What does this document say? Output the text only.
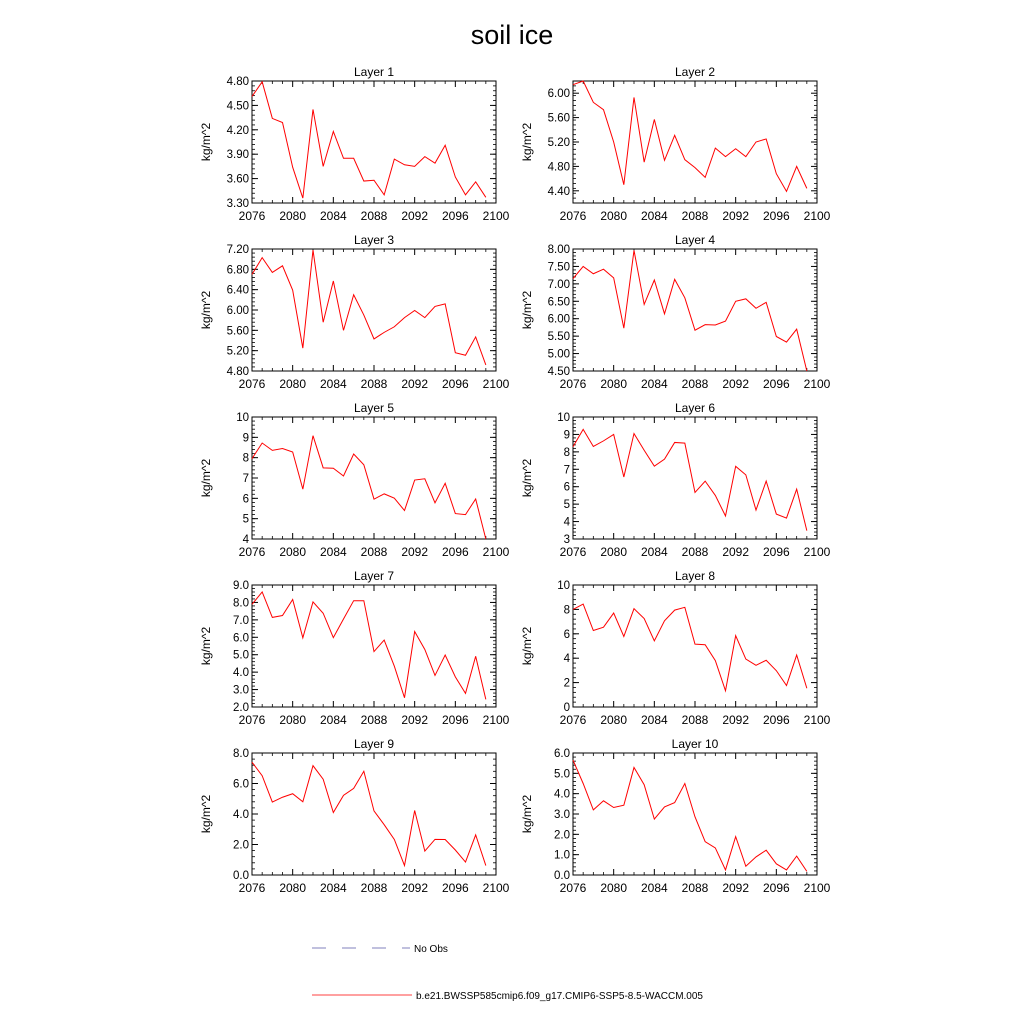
soil ice
Layer 1
kg/m^2
3.30
3.60
3.90
4.20
4.50
4.80
2076 2080 2084 2088 2092 2096 2100
Layer 2
kg/m^2
4.40
4.80
5.20
5.60
6.00
2076 2080 2084 2088 2092 2096 2100
Layer 3
kg/m^2
4.80
5.20
5.60
6.00
6.40
6.80
7.20
2076 2080 2084 2088 2092 2096 2100
Layer 4
kg/m^2
4.50
5.00
5.50
6.00
6.50
7.00
7.50
8.00
2076 2080 2084 2088 2092 2096 2100
Layer 5
kg/m^2
4
5
6
7
8
9
10
2076 2080 2084 2088 2092 2096 2100
Layer 6
kg/m^2
3
4
5
6
7
8
9
10
2076 2080 2084 2088 2092 2096 2100
Layer 7
kg/m^2
2.0
3.0
4.0
5.0
6.0
7.0
8.0
9.0
2076 2080 2084 2088 2092 2096 2100
Layer 8
kg/m^2
0
2
4
6
8
10
2076 2080 2084 2088 2092 2096 2100
Layer 9
kg/m^2
0.0
2.0
4.0
6.0
8.0
2076 2080 2084 2088 2092 2096 2100
Layer 10
kg/m^2
0.0
1.0
2.0
3.0
4.0
5.0
6.0
2076 2080 2084 2088 2092 2096 2100
No Obs
b.e21.BWSSP585cmip6.f09_g17.CMIP6-SSP5-8.5-WACCM.005
